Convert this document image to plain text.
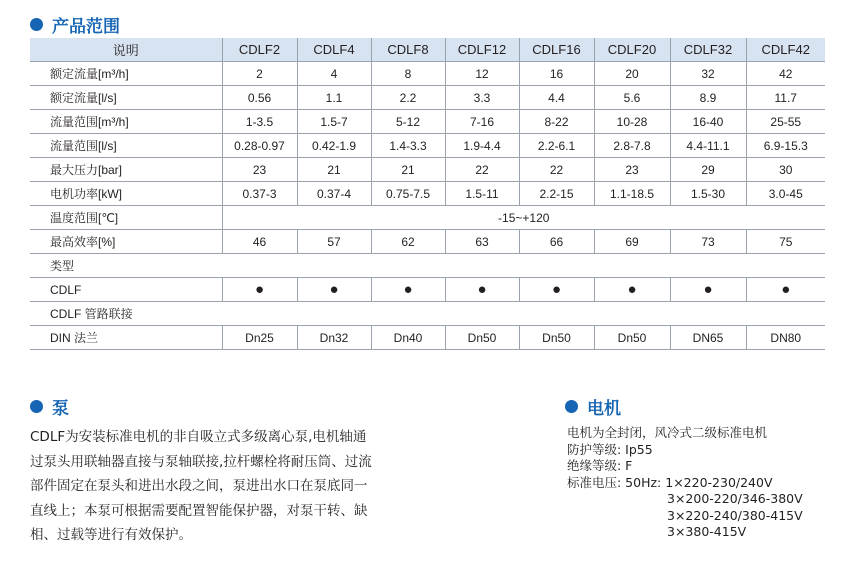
产品范围
说明	CDLF2	CDLF4	CDLF8	CDLF12	CDLF16	CDLF20	CDLF32	CDLF42
额定流量[m³/h]	2	4	8	12	16	20	32	42
额定流量[l/s]	0.56	1.1	2.2	3.3	4.4	5.6	8.9	11.7
流量范围[m³/h]	1-3.5	1.5-7	5-12	7-16	8-22	10-28	16-40	25-55
流量范围[l/s]	0.28-0.97	0.42-1.9	1.4-3.3	1.9-4.4	2.2-6.1	2.8-7.8	4.4-11.1	6.9-15.3
最大压力[bar]	23	21	21	22	22	23	29	30
电机功率[kW]	0.37-3	0.37-4	0.75-7.5	1.5-11	2.2-15	1.1-18.5	1.5-30	3.0-45
温度范围[℃]	-15~+120							
最高效率[%]	46	57	62	63	66	69	73	75
类型								
CDLF	●	●	●	●	●	●	●	●
CDLF 管路联接								
DIN 法兰	Dn25	Dn32	Dn40	Dn50	Dn50	Dn50	DN65	DN80
泵
CDLF为安装标准电机的非自吸立式多级离心泵,电机轴通
过泵头用联轴器直接与泵轴联接,拉杆螺栓将耐压筒、过流
部件固定在泵头和进出水段之间，泵进出水口在泵底同一
直线上；本泵可根据需要配置智能保护器，对泵干转、缺
相、过载等进行有效保护。
电机
电机为全封闭，风冷式二级标准电机
防护等级: Ip55
绝缘等级: F
标准电压: 50Hz: 1×220-230/240V
3×200-220/346-380V
3×220-240/380-415V
3×380-415V
